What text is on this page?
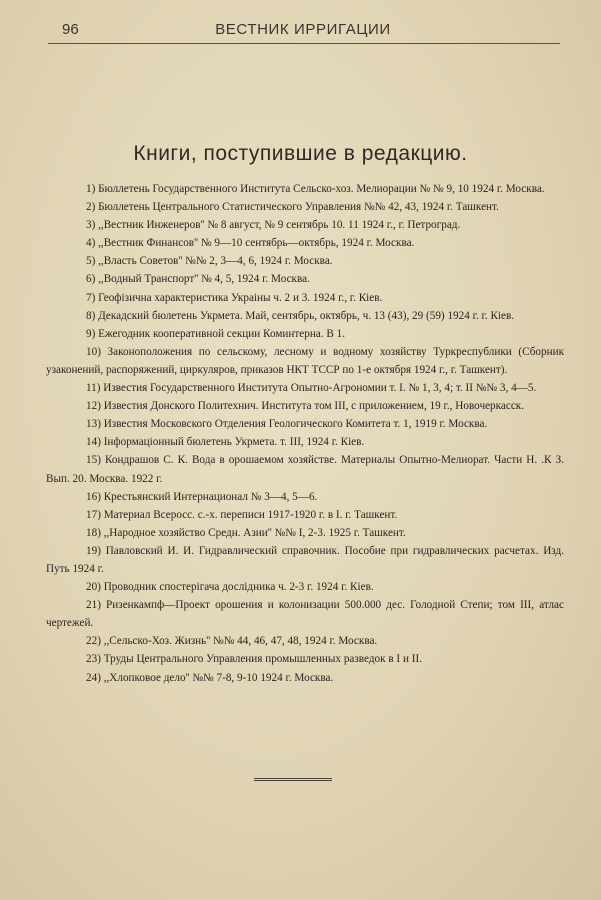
96	ВЕСТНИК ИРРИГАЦИИ
Книги, поступившие в редакцию.

1) Бюллетень Государственного Института Сельско-хоз. Мелиорации № № 9, 10 1924 г. Москва.

2) Бюллетень Центрального Статистического Управления №№ 42, 43, 1924 г. Ташкент.

3) ,,Вестник Инженеров'' № 8 август, № 9 сентябрь 10. 11 1924 г., г. Петроград.

4) ,,Вестник Финансов'' № 9—10 сентябрь—октябрь, 1924 г. Москва.

5) ,,Власть Советов'' №№ 2, 3—4, 6, 1924 г. Москва.

6) ,,Водный Транспорт'' № 4, 5, 1924 г. Москва.

7) Геофізична характеристика Украіны ч. 2 и 3. 1924 г., г. Кіев.

8) Декадский бюлетень Укрмета. Май, сентябрь, октябрь, ч. 13 (43), 29 (59) 1924 г. г. Кіев.

9) Ежегодник кооперативной секции Коминтерна. В 1.

10) Законоположения по сельскому, лесному и водному хозяйству Туркреспублики (Сборник узаконений, распоряжений, циркуляров, приказов НКТ ТССР по 1-е октября 1924 г., г. Ташкент).

11) Известия Государственного Института Опытно-Агрономии т. I. № 1, 3, 4; т. II №№ 3, 4—5.

12) Известия Донского Политехнич. Института том III, с приложением, 19 г., Новочеркасск.

13) Известия Московского Отделения Геологического Комитета т. 1, 1919 г. Москва.

14) Інформаціонный бюлетень Укрмета. т. III, 1924 г. Кіев.

15) Кондрашов С. К. Вода в орошаемом хозяйстве. Материалы Опытно-Мелиорат. Части Н. .К З. Вып. 20. Москва. 1922 г.

16) Крестьянский Интернационал № 3—4, 5—6.

17) Материал Всеросс. с.-х. переписи 1917-1920 г. в I. г. Ташкент.

18) ,,Народное хозяйство Средн. Азии'' №№ I, 2-3. 1925 г. Ташкент.

19) Павловский И. И. Гидравлический справочник. Пособие при гидравлических расчетах. Изд. Путь 1924 г.

20) Проводник спостерігача дослідника ч. 2-3 г. 1924 г. Кіев.

21) Ризенкампф—Проект орошения и колонизации 500.000 дес. Голодной Степи; том III, атлас чертежей.

22) ,,Сельско-Хоз. Жизнь'' №№ 44, 46, 47, 48, 1924 г. Москва.

23) Труды Центрального Управления промышленных разведок в I и II.

24) ,,Хлопковое дело'' №№ 7-8, 9-10 1924 г. Москва.
